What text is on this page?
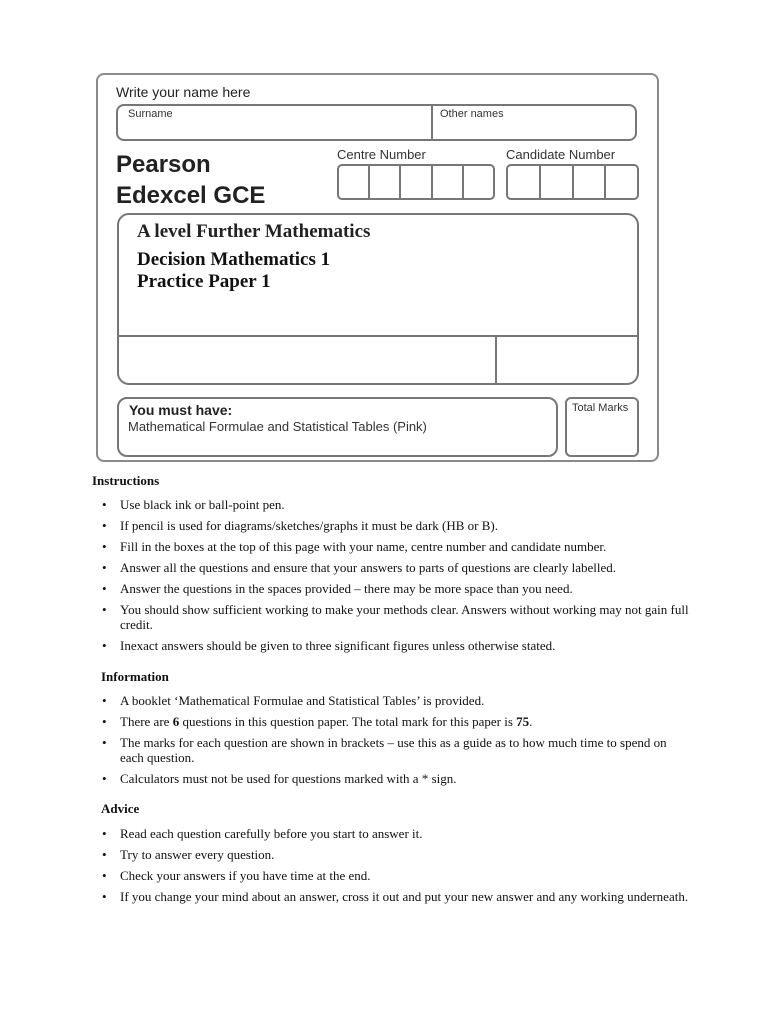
Write your name here
Surname	Other names
Pearson
Edexcel GCE
Centre Number	Candidate Number
A level Further Mathematics
Decision Mathematics 1
Practice Paper 1
You must have:
Mathematical Formulae and Statistical Tables (Pink)
Total Marks
Instructions
• Use black ink or ball-point pen.
• If pencil is used for diagrams/sketches/graphs it must be dark (HB or B).
• Fill in the boxes at the top of this page with your name, centre number and candidate number.
• Answer all the questions and ensure that your answers to parts of questions are clearly labelled.
• Answer the questions in the spaces provided – there may be more space than you need.
• You should show sufficient working to make your methods clear. Answers without working may not gain full credit.
• Inexact answers should be given to three significant figures unless otherwise stated.
Information
• A booklet ‘Mathematical Formulae and Statistical Tables’ is provided.
• There are 6 questions in this question paper. The total mark for this paper is 75.
• The marks for each question are shown in brackets – use this as a guide as to how much time to spend on each question.
• Calculators must not be used for questions marked with a * sign.
Advice
• Read each question carefully before you start to answer it.
• Try to answer every question.
• Check your answers if you have time at the end.
• If you change your mind about an answer, cross it out and put your new answer and any working underneath.
